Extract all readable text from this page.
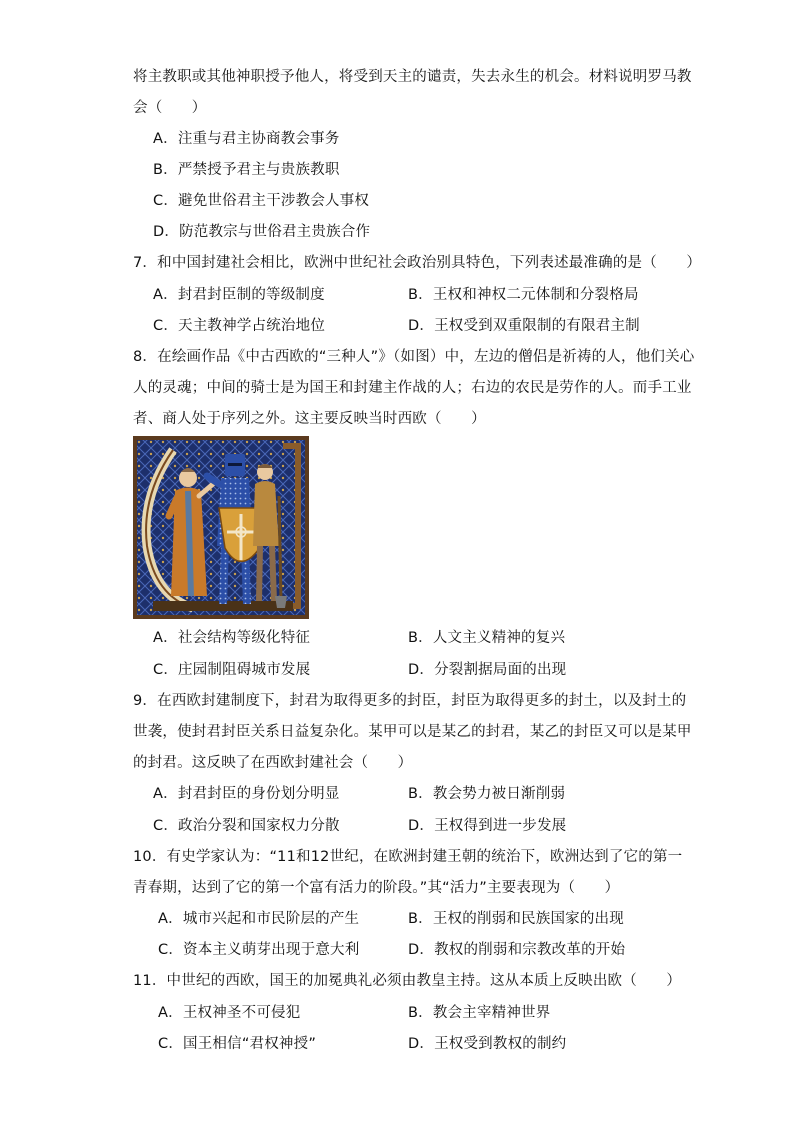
将主教职或其他神职授予他人，将受到天主的谴责，失去永生的机会。材料说明罗马教
会（　　）
A．注重与君主协商教会事务
B．严禁授予君主与贵族教职
C．避免世俗君主干涉教会人事权
D．防范教宗与世俗君主贵族合作
7．和中国封建社会相比，欧洲中世纪社会政治别具特色，下列表述最准确的是（　　）
A．封君封臣制的等级制度	B．王权和神权二元体制和分裂格局
C．天主教神学占统治地位	D．王权受到双重限制的有限君主制
8．在绘画作品《中古西欧的“三种人”》（如图）中，左边的僧侣是祈祷的人，他们关心
人的灵魂；中间的骑士是为国王和封建主作战的人；右边的农民是劳作的人。而手工业
者、商人处于序列之外。这主要反映当时西欧（　　）
A．社会结构等级化特征	B．人文主义精神的复兴
C．庄园制阻碍城市发展	D．分裂割据局面的出现
9．在西欧封建制度下，封君为取得更多的封臣，封臣为取得更多的封土，以及封土的
世袭，使封君封臣关系日益复杂化。某甲可以是某乙的封君，某乙的封臣又可以是某甲
的封君。这反映了在西欧封建社会（　　）
A．封君封臣的身份划分明显	B．教会势力被日渐削弱
C．政治分裂和国家权力分散	D．王权得到进一步发展
10．有史学家认为：“11和12世纪，在欧洲封建王朝的统治下，欧洲达到了它的第一
青春期，达到了它的第一个富有活力的阶段。”其“活力”主要表现为（　　）
A．城市兴起和市民阶层的产生	B．王权的削弱和民族国家的出现
C．资本主义萌芽出现于意大利	D．教权的削弱和宗教改革的开始
11．中世纪的西欧，国王的加冕典礼必须由教皇主持。这从本质上反映出欧（　　）
A．王权神圣不可侵犯	B．教会主宰精神世界
C．国王相信“君权神授”	D．王权受到教权的制约
